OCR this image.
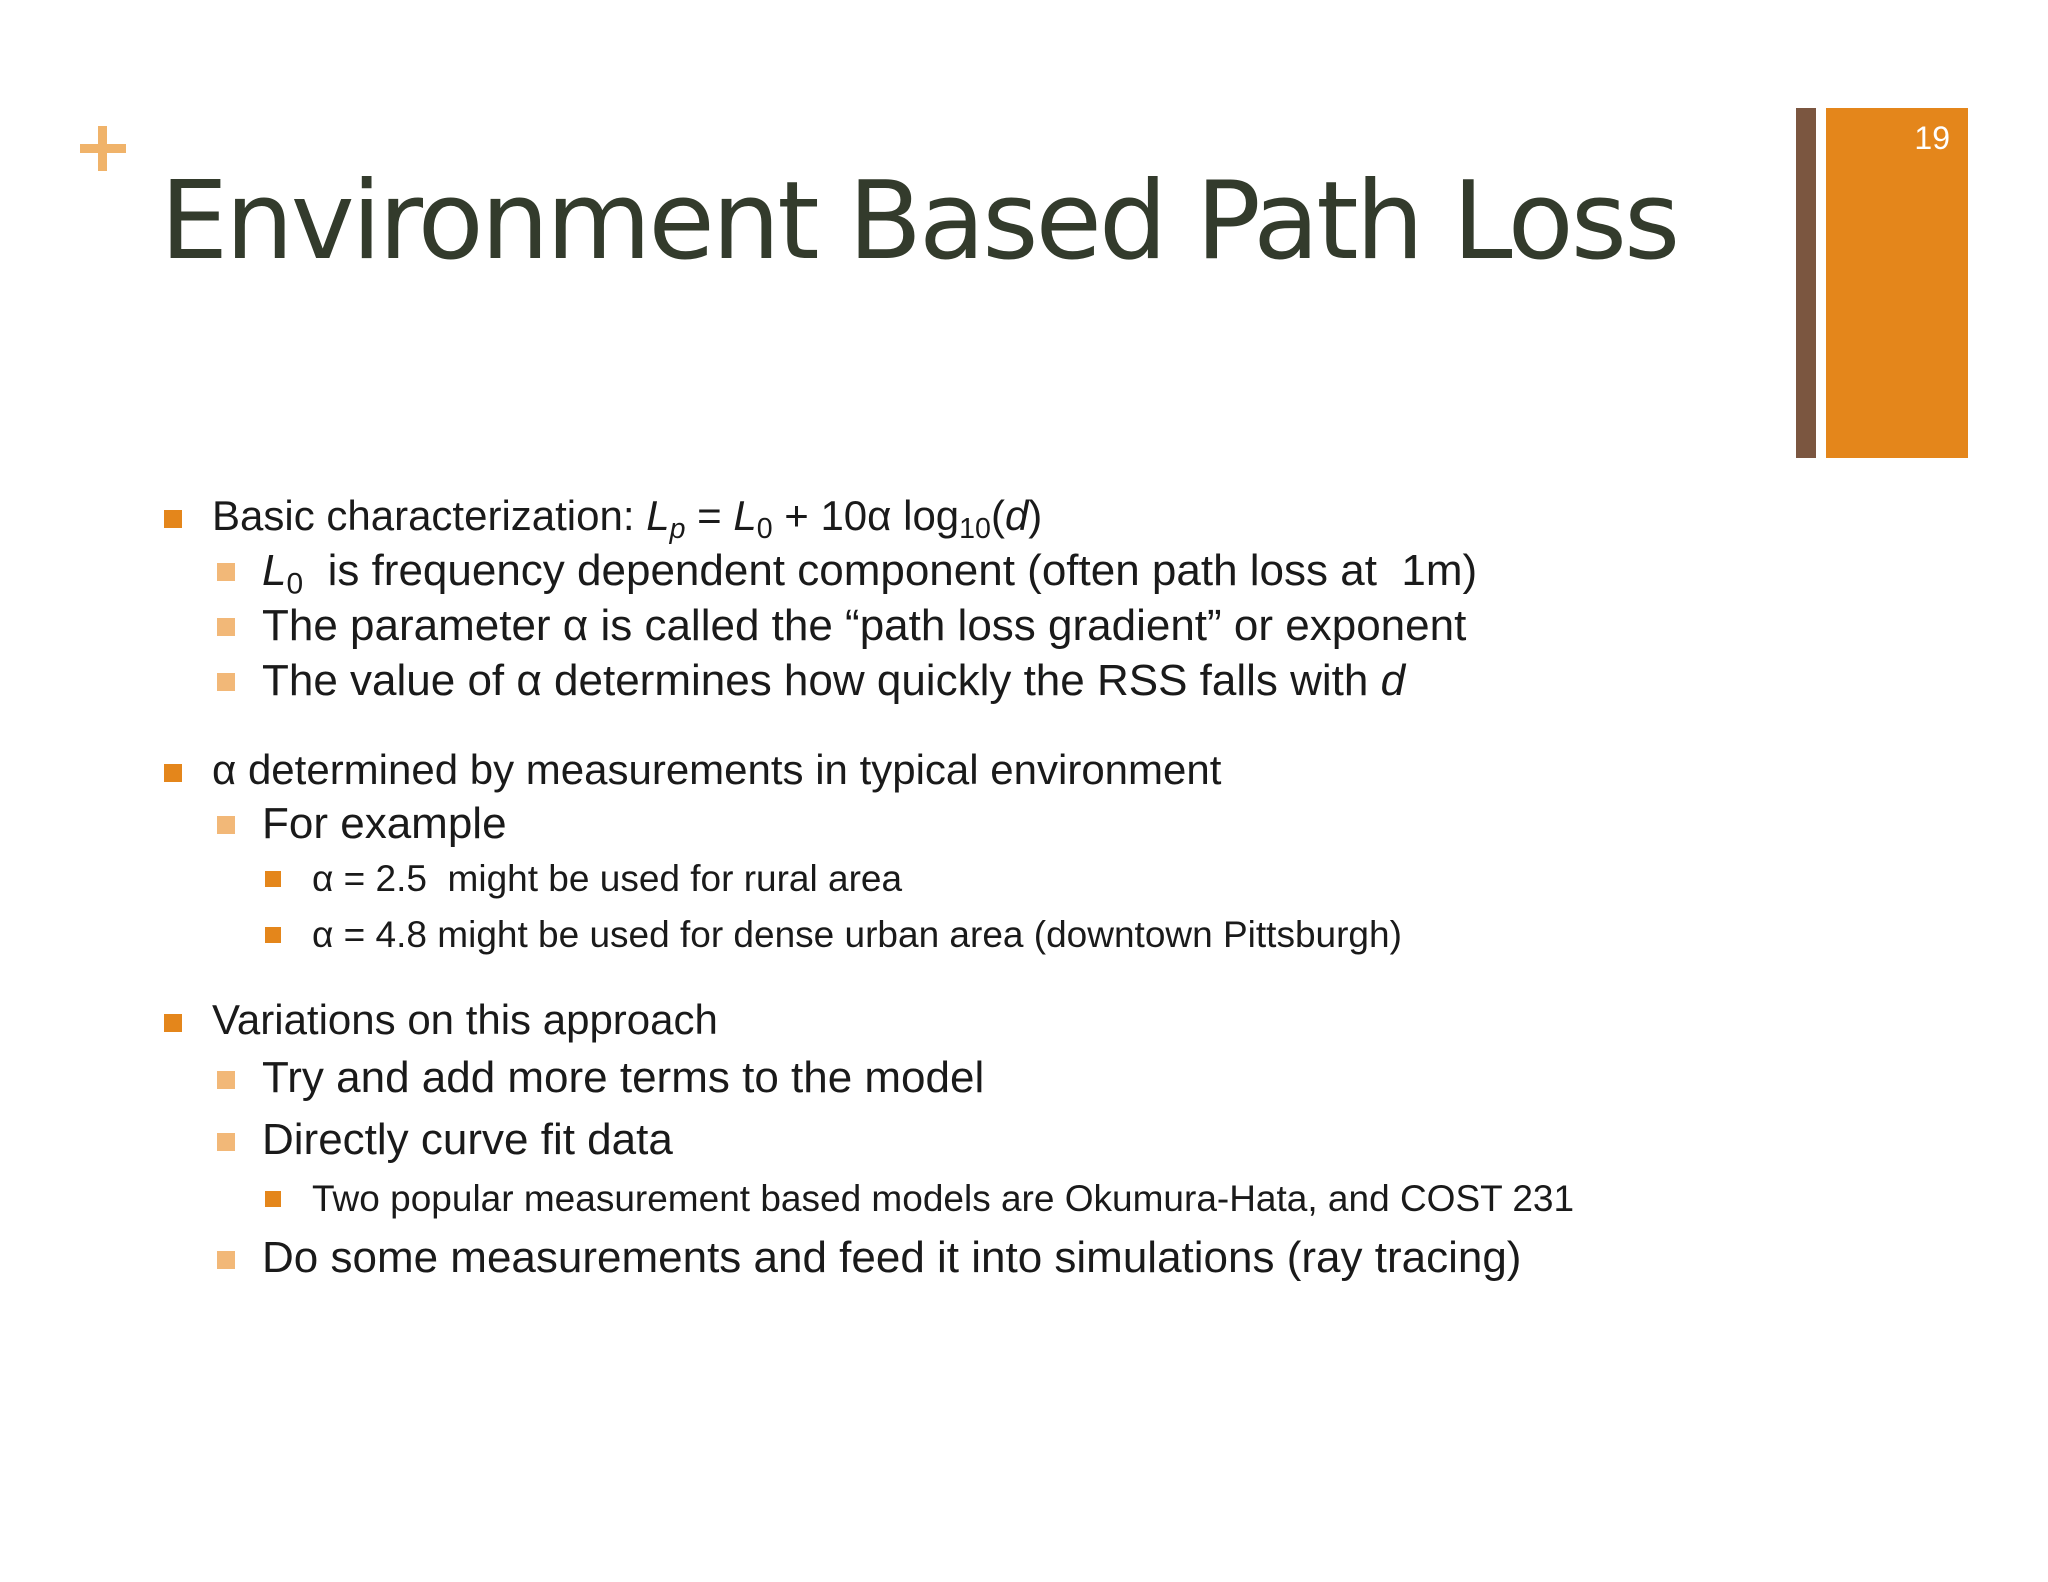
Environment Based Path Loss
19
Basic characterization: $L_p = L_0 + 10\alpha$ $\log_{10}(d)$
$L_0$  is frequency dependent component (often path loss at  1m)
The parameter α is called the “path loss gradient” or exponent
The value of α determines how quickly the RSS falls with d
α determined by measurements in typical environment
For example
α = 2.5  might be used for rural area
α = 4.8 might be used for dense urban area (downtown Pittsburgh)
Variations on this approach
Try and add more terms to the model
Directly curve fit data
Two popular measurement based models are Okumura-Hata, and COST 231
Do some measurements and feed it into simulations (ray tracing)
